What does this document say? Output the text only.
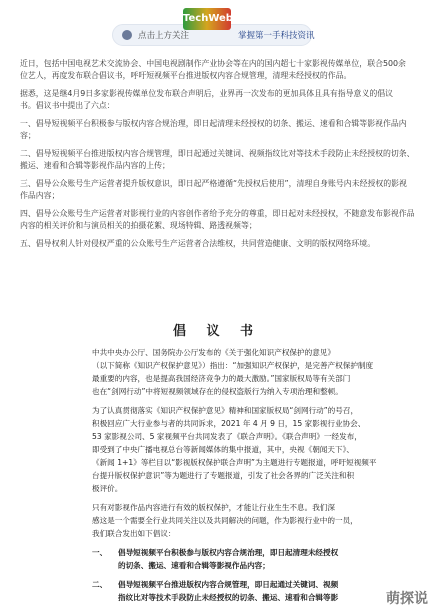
点击上方关注
TechWeb
掌握第一手科技资讯
近日，包括中国电视艺术交流协会、中国电视剧制作产业协会等在内的国内超七十家影视传媒单位，联合500余
位艺人，再度发布联合倡议书，呼吁短视频平台推进版权内容合规管理，清理未经授权的作品。
据悉，这是继4月9日多家影视传媒单位发布联合声明后，业界再一次发布的更加具体且具有指导意义的倡议
书。倡议书中提出了六点：
一、倡导短视频平台积极参与版权内容合规治理，即日起清理未经授权的切条、搬运、速看和合辑等影视作品内
容；
二、倡导短视频平台推进版权内容合规管理，即日起通过关键词、视频指纹比对等技术手段防止未经授权的切条、
搬运、速看和合辑等影视作品内容的上传；
三、倡导公众账号生产运营者提升版权意识，即日起严格遵循“先授权后使用”，清理自身账号内未经授权的影视
作品内容；
四、倡导公众账号生产运营者对影视行业的内容创作者给予充分的尊重，即日起对未经授权，不随意发布影视作品
内容的相关评价和与演员相关的拍摄花絮、现场特辑、路透视频等；
五、倡导权利人针对侵权严重的公众账号生产运营者合法维权，共同营造健康、文明的版权网络环境。
倡 议 书
中共中央办公厅、国务院办公厅发布的《关于强化知识产权保护的意见》
（以下简称《知识产权保护意见》）指出：“加强知识产权保护，是完善产权保护制度
最重要的内容，也是提高我国经济竞争力的最大激励。”国家版权局等有关部门
也在“剑网行动”中将短视频领域存在的侵权盗版行为纳入专项治理和整顿。
为了认真贯彻落实《知识产权保护意见》精神和国家版权局“剑网行动”的号召，
积极回应广大行业参与者的共同诉求，2021 年 4 月 9 日，15 家影视行业协会、
53 家影视公司、5 家视频平台共同发表了《联合声明》。《联合声明》一经发布，
即受到了中央广播电视总台等新闻媒体的集中报道，其中，央视《朝闻天下》、
《新闻 1+1》等栏目以“影视版权保护联合声明”为主题进行专题报道，呼吁短视频平
台提升版权保护意识”等为题进行了专题报道，引发了社会各界的广泛关注和积
极评价。
只有对影视作品内容进行有效的版权保护，才能让行业生生不息。我们深
感这是一个需要全行业共同关注以及共同解决的问题，作为影视行业中的一员，
我们联合发出如下倡议：
一、	倡导短视频平台积极参与版权内容合规治理，即日起清理未经授权
的切条、搬运、速看和合辑等影视作品内容；
二、	倡导短视频平台推进版权内容合规管理，即日起通过关键词、视频
指纹比对等技术手段防止未经授权的切条、搬运、速看和合辑等影	萌探说
